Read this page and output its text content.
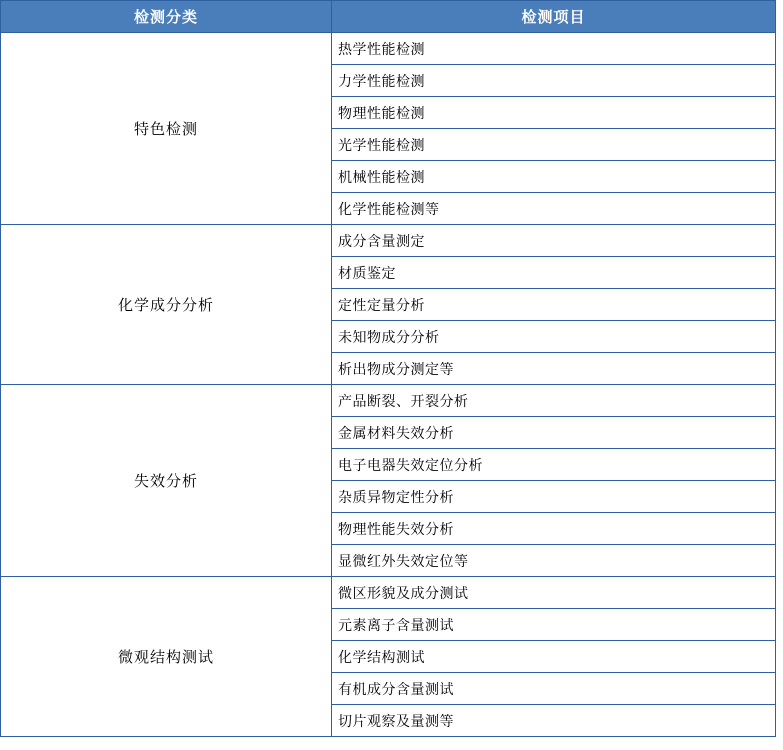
检测分类	检测项目
特色检测	热学性能检测
	力学性能检测
	物理性能检测
	光学性能检测
	机械性能检测
	化学性能检测等
化学成分分析	成分含量测定
	材质鉴定
	定性定量分析
	未知物成分分析
	析出物成分测定等
失效分析	产品断裂、开裂分析
	金属材料失效分析
	电子电器失效定位分析
	杂质异物定性分析
	物理性能失效分析
	显微红外失效定位等
微观结构测试	微区形貌及成分测试
	元素离子含量测试
	化学结构测试
	有机成分含量测试
	切片观察及量测等
